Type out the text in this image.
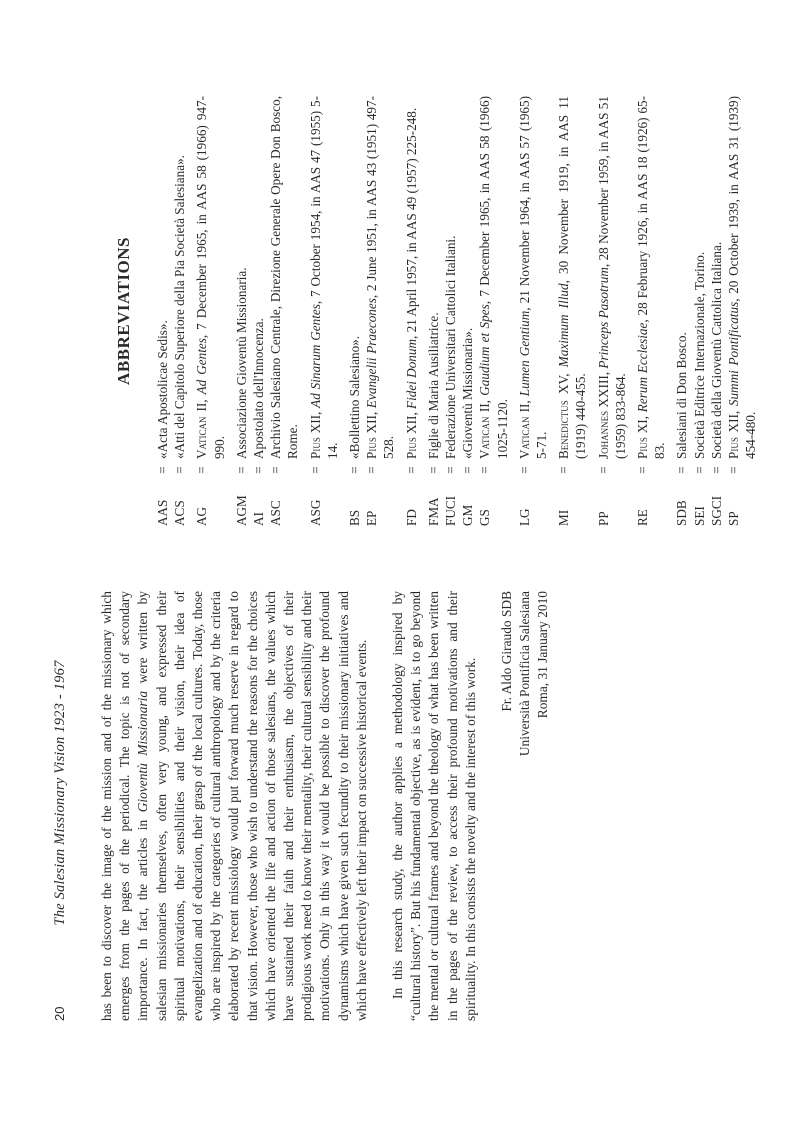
20
The Salesian Missionary Vision 1923 - 1967 has been to discover the image of the mission and of the missionary which emerges from the pages of the periodical. The topic is not of secondary importance. In fact, the articles in Gioventù Missionaria were written by salesian missionaries themselves, often very young, and expressed their spiritual motivations, their sensibilities and their vision, their idea of evangelization and of education, their grasp of the local cultures. Today, those who are inspired by the categories of cultural anthropology and by the criteria elaborated by recent missiology would put forward much reserve in regard to that vision. However, those who wish to understand the reasons for the choices which have oriented the life and action of those salesians, the values which have sustained their faith and their enthusiasm, the objectives of their prodigious work need to know their mentality, their cultural sensibility and their motivations. Only in this way it would be possible to discover the profound dynamisms which have given such fecundity to their missionary initiatives and which have effectively left their impact on successive historical events. In this research study, the author applies a methodology inspired by “cultural history”. But his fundamental objective, as is evident, is to go beyond the mental or cultural frames and beyond the theology of what has been written in the pages of the review, to access their profound motivations and their spirituality. In this consists the novelty and the interest of this work.

Fr. Aldo Giraudo SDB Università Pontificia Salesiana Roma, 31 January 2010
ABBREVIATIONS
AAS
=
«Acta Apostolicae Sedis».
ACS
=
«Atti del Capitolo Superiore della Pia Società Salesiana».
AG
=
Vatican II, Ad Gentes, 7 December 1965, in AAS 58 (1966) 947-990.
AGM
=
Associazione Gioventù Missionaria.
AI
=
Apostolato dell'Innocenza.
ASC
=
Archivio Salesiano Centrale, Direzione Generale Opere Don Bosco, Rome.
ASG
=
Pius XII, Ad Sinarum Gentes, 7 October 1954, in AAS 47 (1955) 5-14.
BS
=
«Bollettino Salesiano».
EP
=
Pius XII, Evangelii Praecones, 2 June 1951, in AAS 43 (1951) 497-528.
FD
=
Pius XII, Fidei Donum, 21 April 1957, in AAS 49 (1957) 225-248.
FMA
=
Figlie di Maria Ausiliatrice.
FUCI
=
Federazione Universitari Cattolici Italiani.
GM
=
«Gioventù Missionaria».
GS
=
Vatican II, Gaudium et Spes, 7 December 1965, in AAS 58 (1966) 1025-1120.
LG
=
Vatican II, Lumen Gentium, 21 November 1964, in AAS 57 (1965) 5-71.
MI
=
Benedictus XV, Maximum Illud, 30 November 1919, in AAS 11 (1919) 440-455.
PP
=
Johannes XXIII, Princeps Pasotrum, 28 November 1959, in AAS 51 (1959) 833-864.
RE
=
Pius XI, Rerum Ecclesiae, 28 February 1926, in AAS 18 (1926) 65-83.
SDB
=
Salesiani di Don Bosco.
SEI
=
Società Editrice Internazionale, Torino.
SGCI
=
Società della Gioventù Cattolica Italiana.
SP
=
Pius XII, Summi Pontificatus, 20 October 1939, in AAS 31 (1939) 454-480.
